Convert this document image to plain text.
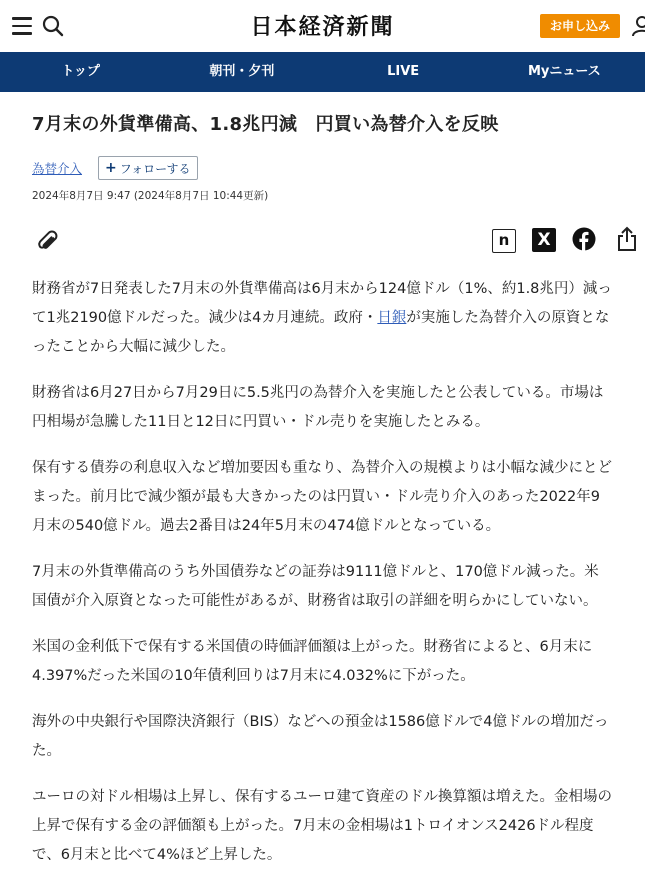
日本経済新聞	お申し込み
トップ	朝刊・夕刊	LIVE	Myニュース
7月末の外貨準備高、1.8兆円減　円買い為替介入を反映
為替介入 + フォローする
2024年8月7日 9:47 (2024年8月7日 10:44更新)
n	X

財務省が7日発表した7月末の外貨準備高は6月末から124億ドル（1%、約1.8兆円）減って1兆2190億ドルだった。減少は4カ月連続。政府・日銀が実施した為替介入の原資となったことから大幅に減少した。

財務省は6月27日から7月29日に5.5兆円の為替介入を実施したと公表している。市場は円相場が急騰した11日と12日に円買い・ドル売りを実施したとみる。

保有する債券の利息収入など増加要因も重なり、為替介入の規模よりは小幅な減少にとどまった。前月比で減少額が最も大きかったのは円買い・ドル売り介入のあった2022年9月末の540億ドル。過去2番目は24年5月末の474億ドルとなっている。

7月末の外貨準備高のうち外国債券などの証券は9111億ドルと、170億ドル減った。米国債が介入原資となった可能性があるが、財務省は取引の詳細を明らかにしていない。

米国の金利低下で保有する米国債の時価評価額は上がった。財務省によると、6月末に4.397%だった米国の10年債利回りは7月末に4.032%に下がった。

海外の中央銀行や国際決済銀行（BIS）などへの預金は1586億ドルで4億ドルの増加だった。

ユーロの対ドル相場は上昇し、保有するユーロ建て資産のドル換算額は増えた。金相場の上昇で保有する金の評価額も上がった。7月末の金相場は1トロイオンス2426ドル程度で、6月末と比べて4%ほど上昇した。
